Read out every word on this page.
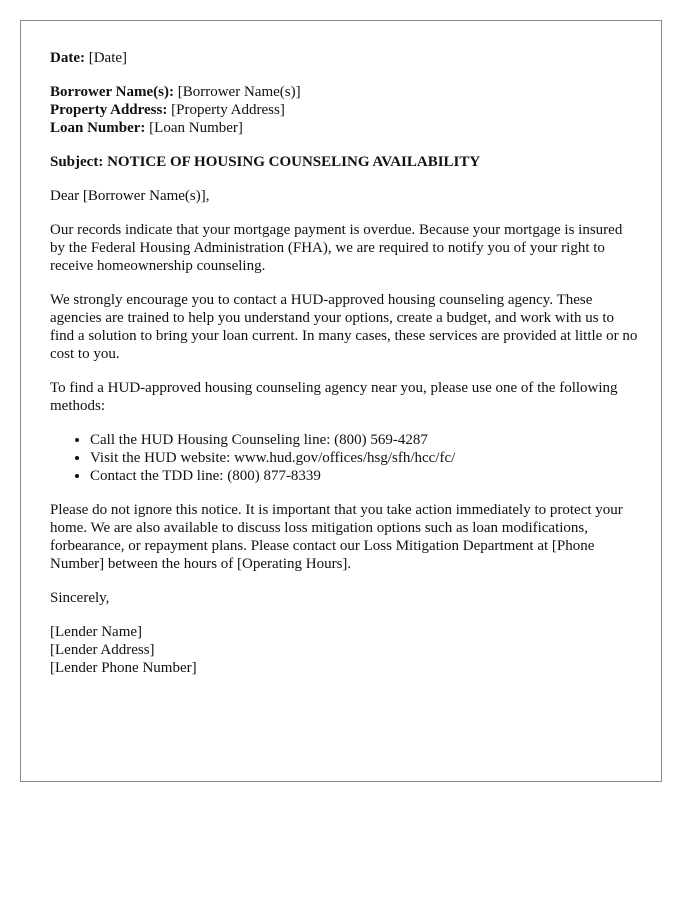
Date: [Date]

Borrower Name(s): [Borrower Name(s)]

Property Address: [Property Address]

Loan Number: [Loan Number]

Subject: NOTICE OF HOUSING COUNSELING AVAILABILITY

Dear [Borrower Name(s)],

Our records indicate that your mortgage payment is overdue. Because your mortgage is insured by the Federal Housing Administration (FHA), we are required to notify you of your right to receive homeownership counseling.

We strongly encourage you to contact a HUD-approved housing counseling agency. These agencies are trained to help you understand your options, create a budget, and work with us to find a solution to bring your loan current. In many cases, these services are provided at little or no cost to you.

To find a HUD-approved housing counseling agency near you, please use one of the following methods:

• Call the HUD Housing Counseling line: (800) 569-4287
• Visit the HUD website: www.hud.gov/offices/hsg/sfh/hcc/fc/
• Contact the TDD line: (800) 877-8339

Please do not ignore this notice. It is important that you take action immediately to protect your home. We are also available to discuss loss mitigation options such as loan modifications, forbearance, or repayment plans. Please contact our Loss Mitigation Department at [Phone Number] between the hours of [Operating Hours].

Sincerely,

[Lender Name]

[Lender Address]

[Lender Phone Number]
